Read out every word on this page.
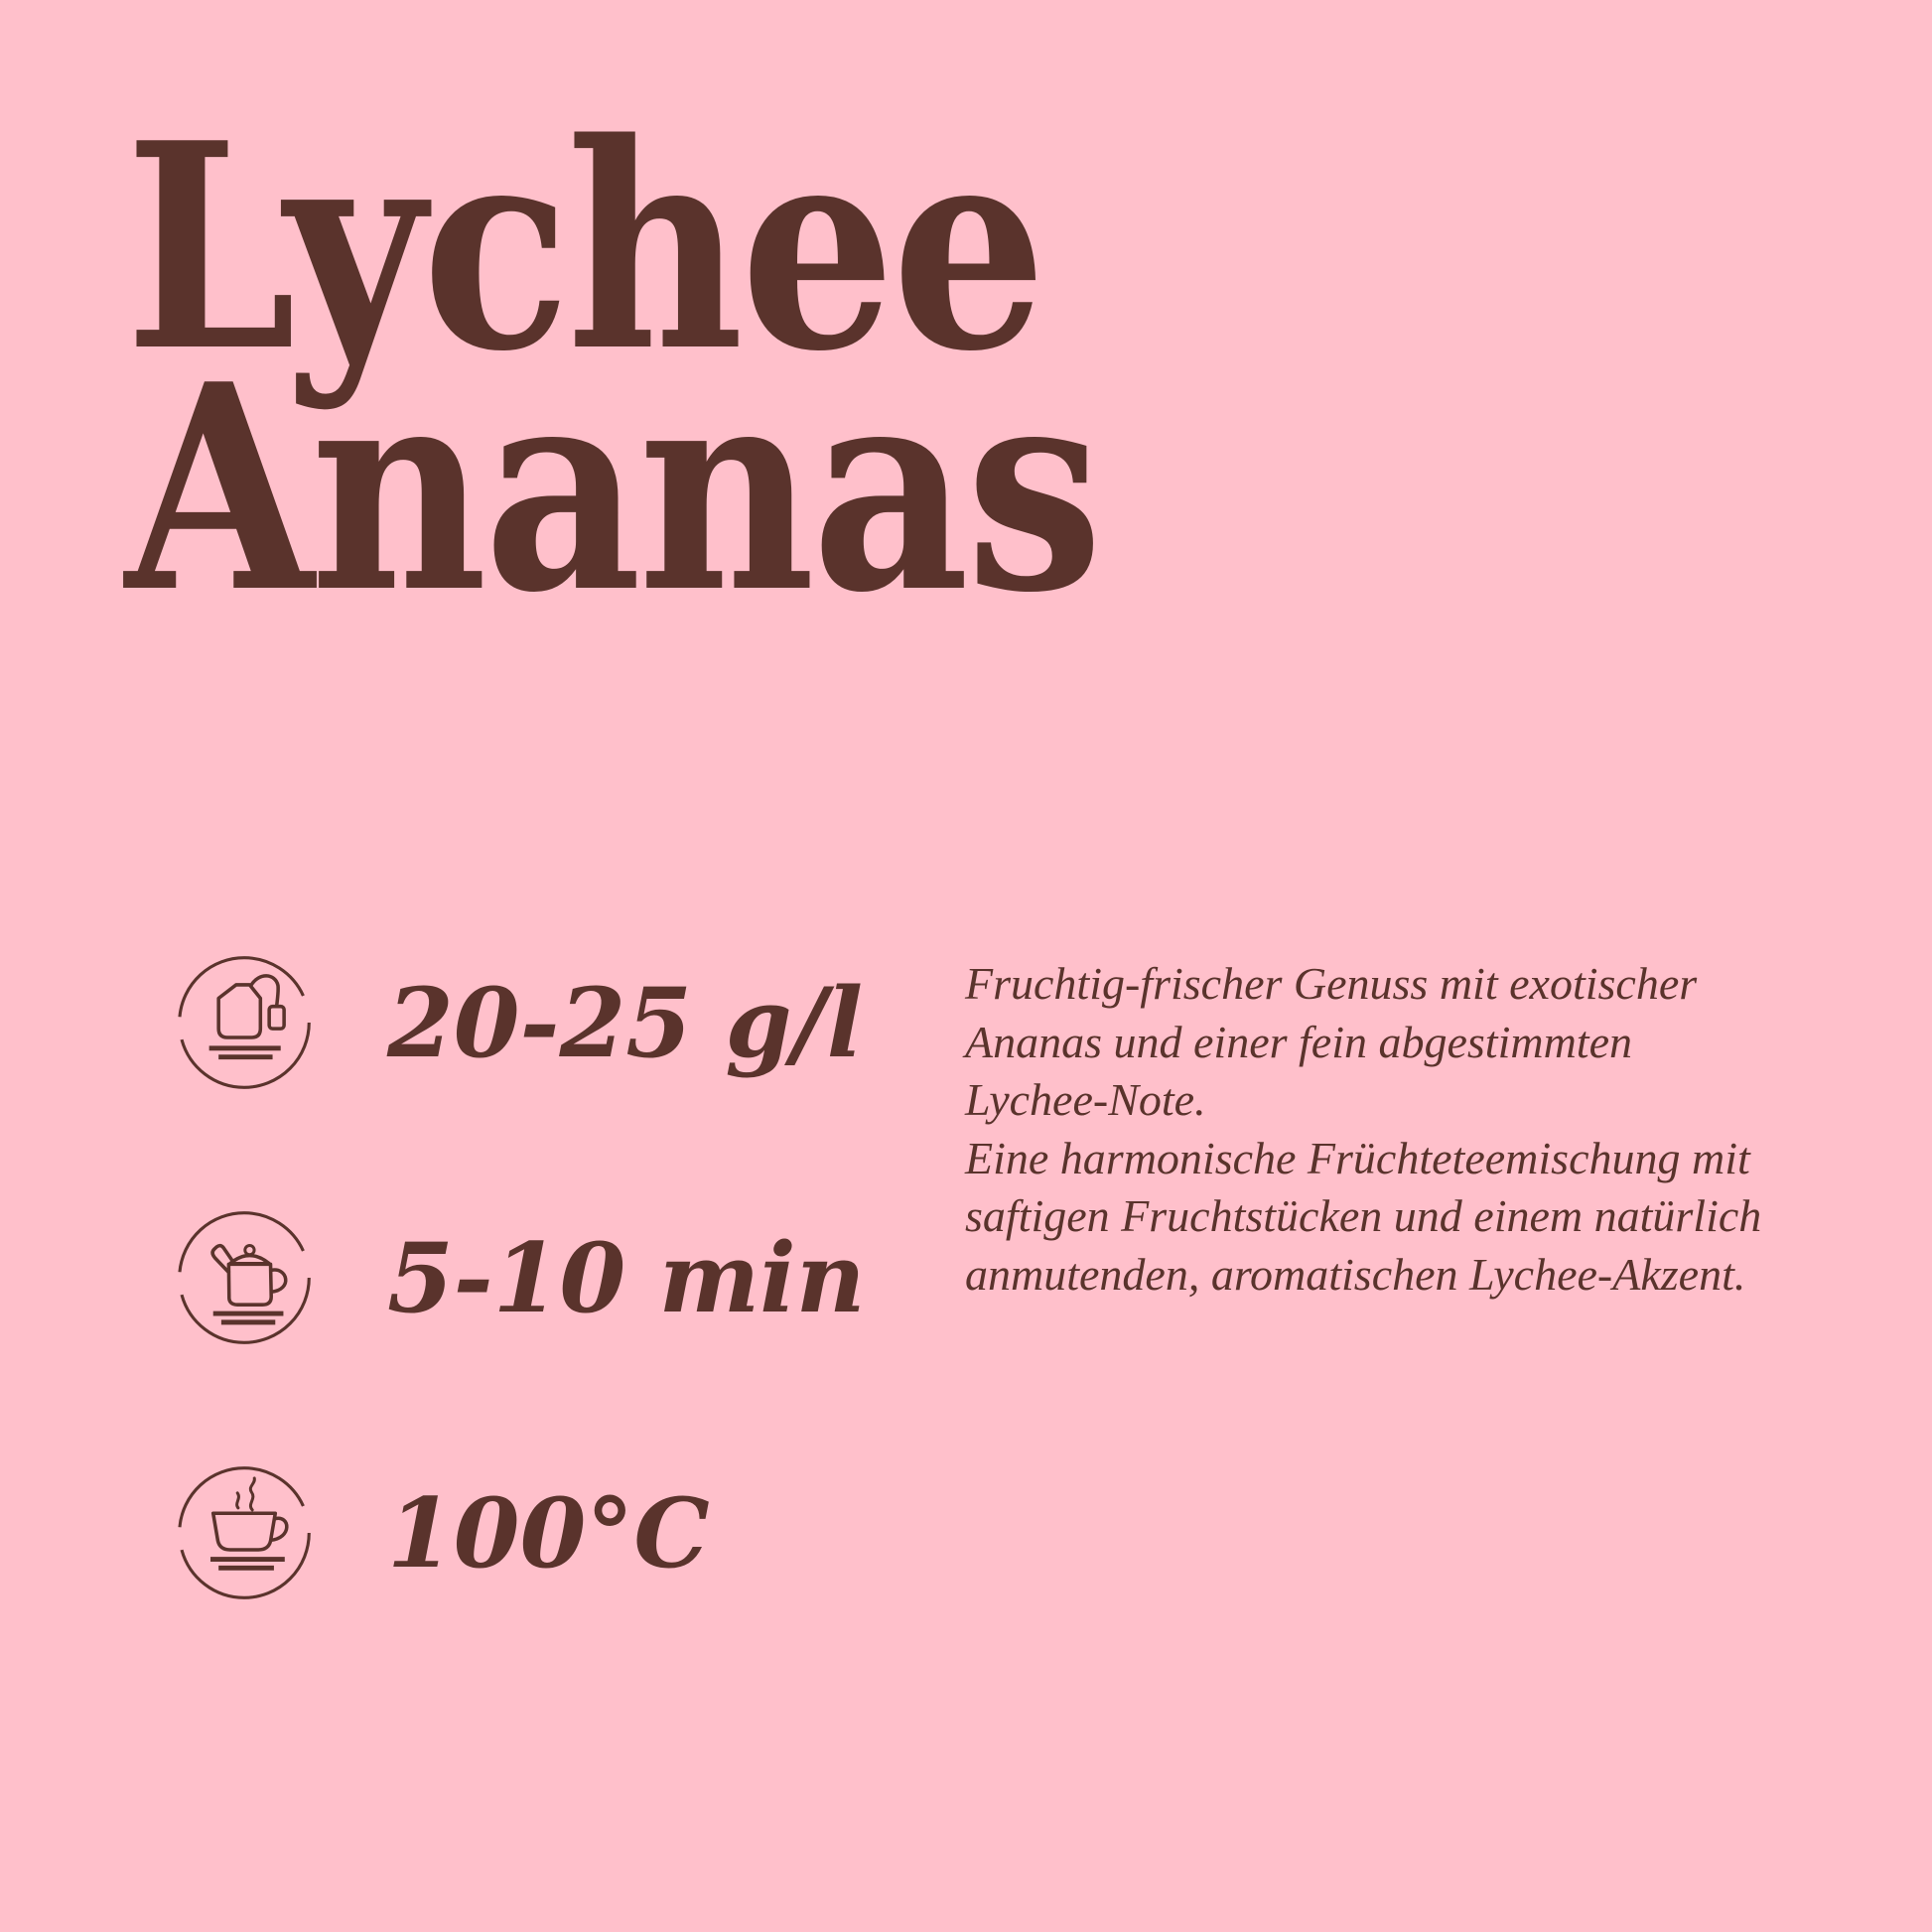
Lychee
Ananas
20-25 g/l
5-10 min
100°C
Fruchtig-frischer Genuss mit exotischer
Ananas und einer fein abgestimmten
Lychee-Note.
Eine harmonische Früchteteemischung mit
saftigen Fruchtstücken und einem natürlich
anmutenden, aromatischen Lychee-Akzent.
